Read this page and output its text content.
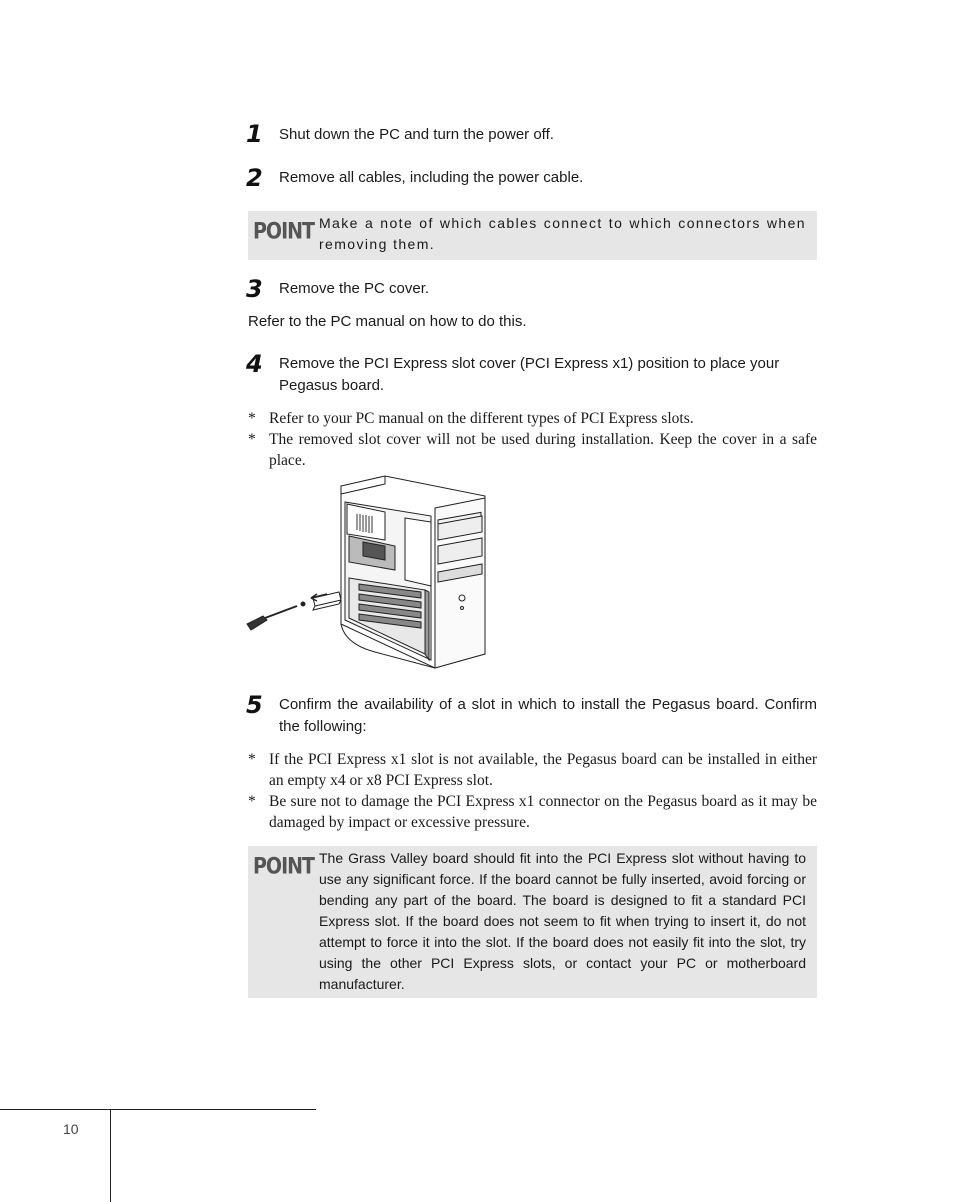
1 Shut down the PC and turn the power off.
2 Remove all cables, including the power cable.
POINT Make a note of which cables connect to which connectors when removing them.
3 Remove the PC cover.
Refer to the PC manual on how to do this.
4 Remove the PCI Express slot cover (PCI Express x1) position to place your Pegasus board.
* Refer to your PC manual on the different types of PCI Express slots.
* The removed slot cover will not be used during installation. Keep the cover in a safe place.
5 Confirm the availability of a slot in which to install the Pegasus board. Confirm the following:
* If the PCI Express x1 slot is not available, the Pegasus board can be installed in either an empty x4 or x8 PCI Express slot.
* Be sure not to damage the PCI Express x1 connector on the Pegasus board as it may be damaged by impact or excessive pressure.
POINT The Grass Valley board should fit into the PCI Express slot without having to use any significant force. If the board cannot be fully inserted, avoid forcing or bending any part of the board. The board is designed to fit a standard PCI Express slot. If the board does not seem to fit when trying to insert it, do not attempt to force it into the slot. If the board does not easily fit into the slot, try using the other PCI Express slots, or contact your PC or motherboard manufacturer.
10
